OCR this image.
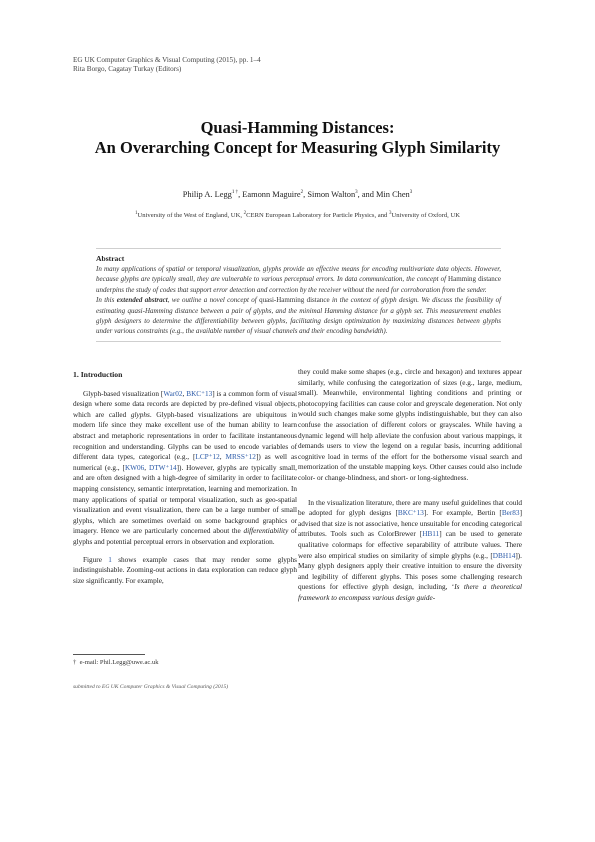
EG UK Computer Graphics & Visual Computing (2015), pp. 1–4
Rita Borgo, Cagatay Turkay (Editors)
Quasi-Hamming Distances:
An Overarching Concept for Measuring Glyph Similarity
Philip A. Legg$^{1 \dagger}$, Eamonn Maguire$^2$, Simon Walton$^3$, and Min Chen$^3$
$^1$University of the West of England, UK, $^2$CERN European Laboratory for Particle Physics, and $^3$University of Oxford, UK
Abstract

In many applications of spatial or temporal visualization, glyphs provide an effective means for encoding multivariate data objects. However, because glyphs are typically small, they are vulnerable to various perceptual errors. In data communication, the concept of Hamming distance underpins the study of codes that support error detection and correction by the receiver without the need for corroboration from the sender.

In this extended abstract, we outline a novel concept of quasi-Hamming distance in the context of glyph design. We discuss the feasibility of estimating quasi-Hamming distance between a pair of glyphs, and the minimal Hamming distance for a glyph set. This measurement enables glyph designers to determine the differentiability between glyphs, facilitating design optimization by maximizing distances between glyphs under various constraints (e.g., the available number of visual channels and their encoding bandwidth).

1. Introduction

Glyph-based visualization [War02, BKC⁺13] is a common form of visual design where some data records are depicted by pre-defined visual objects, which are called glyphs. Glyph-based visualizations are ubiquitous in modern life since they make excellent use of the human ability to learn abstract and metaphoric representations in order to facilitate instantaneous recognition and understanding. Glyphs can be used to encode variables of different data types, categorical (e.g., [LCP⁺12, MRSS⁺12]) as well as numerical (e.g., [KW06, DTW⁺14]). However, glyphs are typically small, and are often designed with a high-degree of similarity in order to facilitate mapping consistency, semantic interpretation, learning and memorization. In many applications of spatial or temporal visualization, such as geo-spatial visualization and event visualization, there can be a large number of small glyphs, which are sometimes overlaid on some background graphics or imagery. Hence we are particularly concerned about the differentiability of glyphs and potential perceptual errors in observation and exploration.

Figure 1 shows example cases that may render some glyphs indistinguishable. Zooming-out actions in data exploration can reduce glyph size significantly. For example,

they could make some shapes (e.g., circle and hexagon) and textures appear similarly, while confusing the categorization of sizes (e.g., large, medium, small). Meanwhile, environmental lighting conditions and printing or photocopying facilities can cause color and greyscale degeneration. Not only would such changes make some glyphs indistinguishable, but they can also confuse the association of different colors or grayscales. While having a dynamic legend will help alleviate the confusion about various mappings, it demands users to view the legend on a regular basis, incurring additional cognitive load in terms of the effort for the bothersome visual search and memorization of the unstable mapping keys. Other causes could also include color- or change-blindness, and short- or long-sightedness.

In the visualization literature, there are many useful guidelines that could be adopted for glyph designs [BKC⁺13]. For example, Bertin [Ber83] advised that size is not associative, hence unsuitable for encoding categorical attributes. Tools such as ColorBrewer [HB11] can be used to generate qualitative colormaps for effective separability of attribute values. There were also empirical studies on similarity of simple glyphs (e.g., [DBH14]). Many glyph designers apply their creative intuition to ensure the diversity and legibility of different glyphs. This poses some challenging research questions for effective glyph design, including, ‘Is there a theoretical framework to encompass various design guide-

† e-mail: Phil.Legg@uwe.ac.uk
submitted to EG UK Computer Graphics & Visual Computing (2015)
